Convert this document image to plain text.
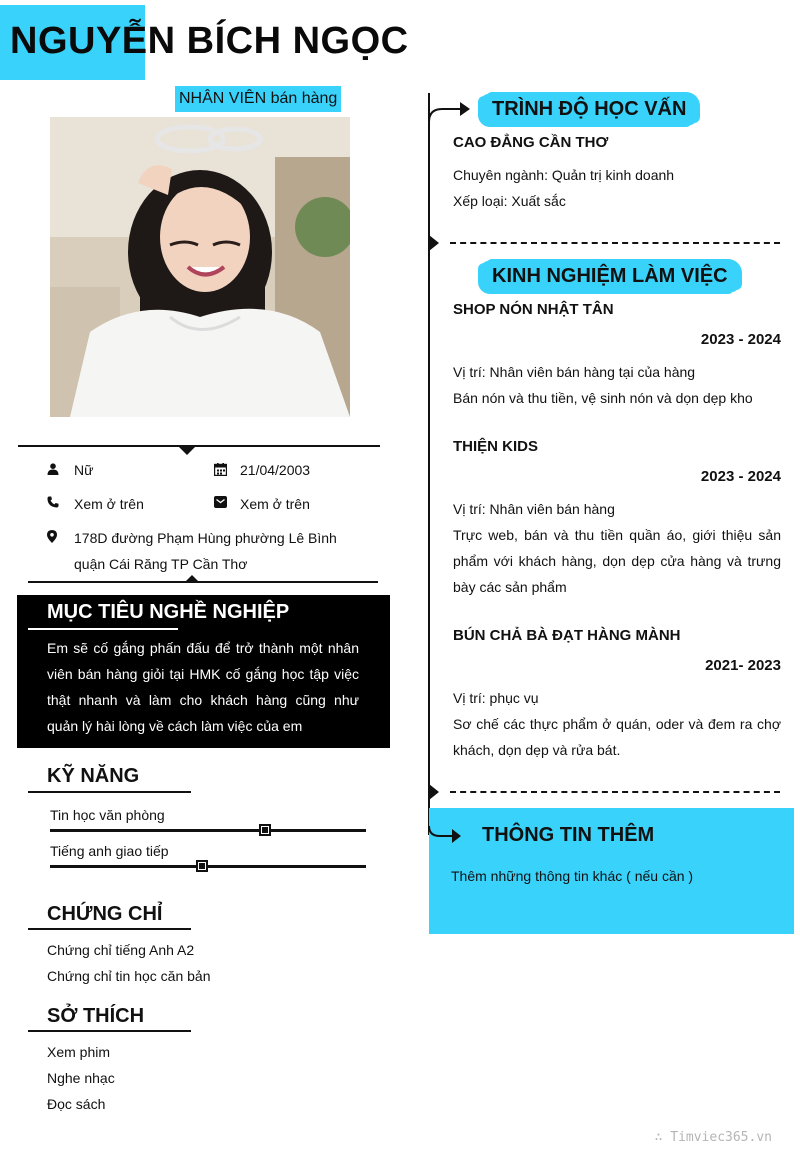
NGUYỄN BÍCH NGỌC
NHÂN VIÊN bán hàng
Nữ	21/04/2003
Xem ở trên	Xem ở trên
178D đường Phạm Hùng phường Lê Bình
quận Cái Răng TP Cần Thơ
MỤC TIÊU NGHỀ NGHIỆP
Em sẽ cố gắng phấn đấu để trở thành một nhân viên bán hàng giỏi tại HMK cố gắng học tập việc thật nhanh và làm cho khách hàng cũng như quản lý hài lòng về cách làm việc của em
KỸ NĂNG
Tin học văn phòng
Tiếng anh giao tiếp
CHỨNG CHỈ
Chứng chỉ tiếng Anh A2
Chứng chỉ tin học căn bản
SỞ THÍCH
Xem phim
Nghe nhạc
Đọc sách
TRÌNH ĐỘ HỌC VẤN
CAO ĐẲNG CẦN THƠ
Chuyên ngành: Quản trị kinh doanh
Xếp loại: Xuất sắc
KINH NGHIỆM LÀM VIỆC
SHOP NÓN NHẬT TÂN
2023 - 2024
Vị trí: Nhân viên bán hàng tại của hàng
Bán nón và thu tiền, vệ sinh nón và dọn dẹp kho
THIỆN KIDS
2023 - 2024
Vị trí: Nhân viên bán hàng
Trực web, bán và thu tiền quần áo, giới thiệu sản phẩm với khách hàng, dọn dẹp cửa hàng và trưng bày các sản phẩm
BÚN CHẢ BÀ ĐẠT HÀNG MÀNH
2021- 2023
Vị trí: phục vụ
Sơ chế các thực phẩm ở quán, oder và đem ra chợ khách, dọn dẹp và rửa bát.
THÔNG TIN THÊM
Thêm những thông tin khác ( nếu cần )
∴ Timviec365.vn
